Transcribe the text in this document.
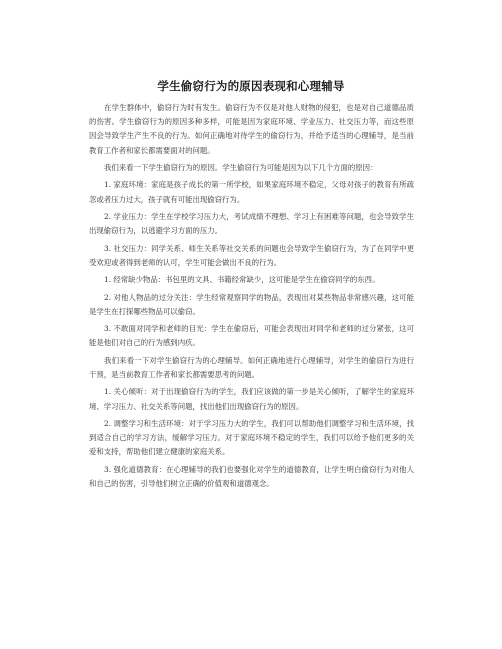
学生偷窃行为的原因表现和心理辅导

在学生群体中，偷窃行为时有发生。偷窃行为不仅是对他人财物的侵犯，也是对自己道德品质的伤害。学生偷窃行为的原因多种多样，可能是因为家庭环境、学业压力、社交压力等，而这些原因会导致学生产生不良的行为。如何正确地对待学生的偷窃行为，并给予适当的心理辅导，是当前教育工作者和家长都需要面对的问题。

我们来看一下学生偷窃行为的原因。学生偷窃行为可能是因为以下几个方面的原因：

1. 家庭环境：家庭是孩子成长的第一所学校，如果家庭环境不稳定，父母对孩子的教育有所疏忽或者压力过大，孩子就有可能出现偷窃行为。

2. 学业压力：学生在学校学习压力大，考试成绩不理想、学习上有困难等问题，也会导致学生出现偷窃行为，以逃避学习方面的压力。

3. 社交压力：同学关系、师生关系等社交关系的问题也会导致学生偷窃行为，为了在同学中更受欢迎或者得到老师的认可，学生可能会做出不良的行为。

1. 经常缺少物品：书包里的文具、书籍经常缺少，这可能是学生在偷窃同学的东西。

2. 对他人物品的过分关注：学生经常观察同学的物品，表现出对某些物品非常感兴趣，这可能是学生在打探哪些物品可以偷窃。

3. 不敢面对同学和老师的目光：学生在偷窃后，可能会表现出对同学和老师的过分紧张，这可能是他们对自己的行为感到内疚。

我们来看一下对学生偷窃行为的心理辅导。如何正确地进行心理辅导，对学生的偷窃行为进行干预，是当前教育工作者和家长都需要思考的问题。

1. 关心倾听：对于出现偷窃行为的学生，我们应该做的第一步是关心倾听，了解学生的家庭环境、学习压力、社交关系等问题，找出他们出现偷窃行为的原因。

2. 调整学习和生活环境：对于学习压力大的学生，我们可以帮助他们调整学习和生活环境，找到适合自己的学习方法，缓解学习压力。对于家庭环境不稳定的学生，我们可以给予他们更多的关爱和支持，帮助他们建立健康的家庭关系。

3. 强化道德教育：在心理辅导的我们也要强化对学生的道德教育，让学生明白偷窃行为对他人和自己的伤害，引导他们树立正确的价值观和道德观念。
